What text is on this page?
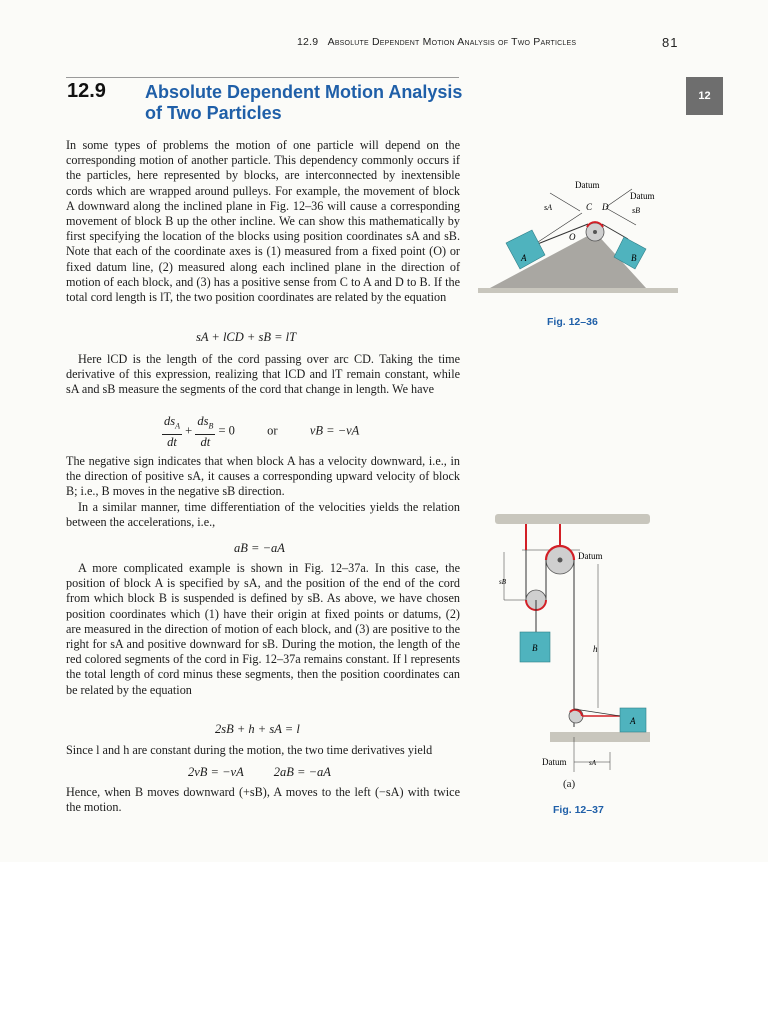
12.9 Absolute Dependent Motion Analysis of Two Particles	81
12
12.9 Absolute Dependent Motion Analysis of Two Particles

In some types of problems the motion of one particle will depend on the corresponding motion of another particle. This dependency commonly occurs if the particles, here represented by blocks, are interconnected by inextensible cords which are wrapped around pulleys. For example, the movement of block A downward along the inclined plane in Fig. 12–36 will cause a corresponding movement of block B up the other incline. We can show this mathematically by first specifying the location of the blocks using position coordinates sA and sB. Note that each of the coordinate axes is (1) measured from a fixed point (O) or fixed datum line, (2) measured along each inclined plane in the direction of motion of each block, and (3) has a positive sense from C to A and D to B. If the total cord length is lT, the two position coordinates are related by the equation

sA + lCD + sB = lT

Here lCD is the length of the cord passing over arc CD. Taking the time derivative of this expression, realizing that lCD and lT remain constant, while sA and sB measure the segments of the cord that change in length. We have

$\frac{ds_A}{dt} + \frac{ds_B}{dt} = 0$	or	vB = −vA

The negative sign indicates that when block A has a velocity downward, i.e., in the direction of positive sA, it causes a corresponding upward velocity of block B; i.e., B moves in the negative sB direction.

In a similar manner, time differentiation of the velocities yields the relation between the accelerations, i.e.,

aB = −aA

A more complicated example is shown in Fig. 12–37a. In this case, the position of block A is specified by sA, and the position of the end of the cord from which block B is suspended is defined by sB. As above, we have chosen position coordinates which (1) have their origin at fixed points or datums, (2) are measured in the direction of motion of each block, and (3) are positive to the right for sA and positive downward for sB. During the motion, the length of the red colored segments of the cord in Fig. 12–37a remains constant. If l represents the total length of cord minus these segments, then the position coordinates can be related by the equation

2sB + h + sA = l

Since l and h are constant during the motion, the two time derivatives yield

2vB = −vA 2aB = −aA

Hence, when B moves downward (+sB), A moves to the left (−sA) with twice the motion.

Datum
Datum
sA	C D	sB
O
A	B
Fig. 12–36
Datum
sB
B	h
A
Datum	sA
(a)
Fig. 12–37
